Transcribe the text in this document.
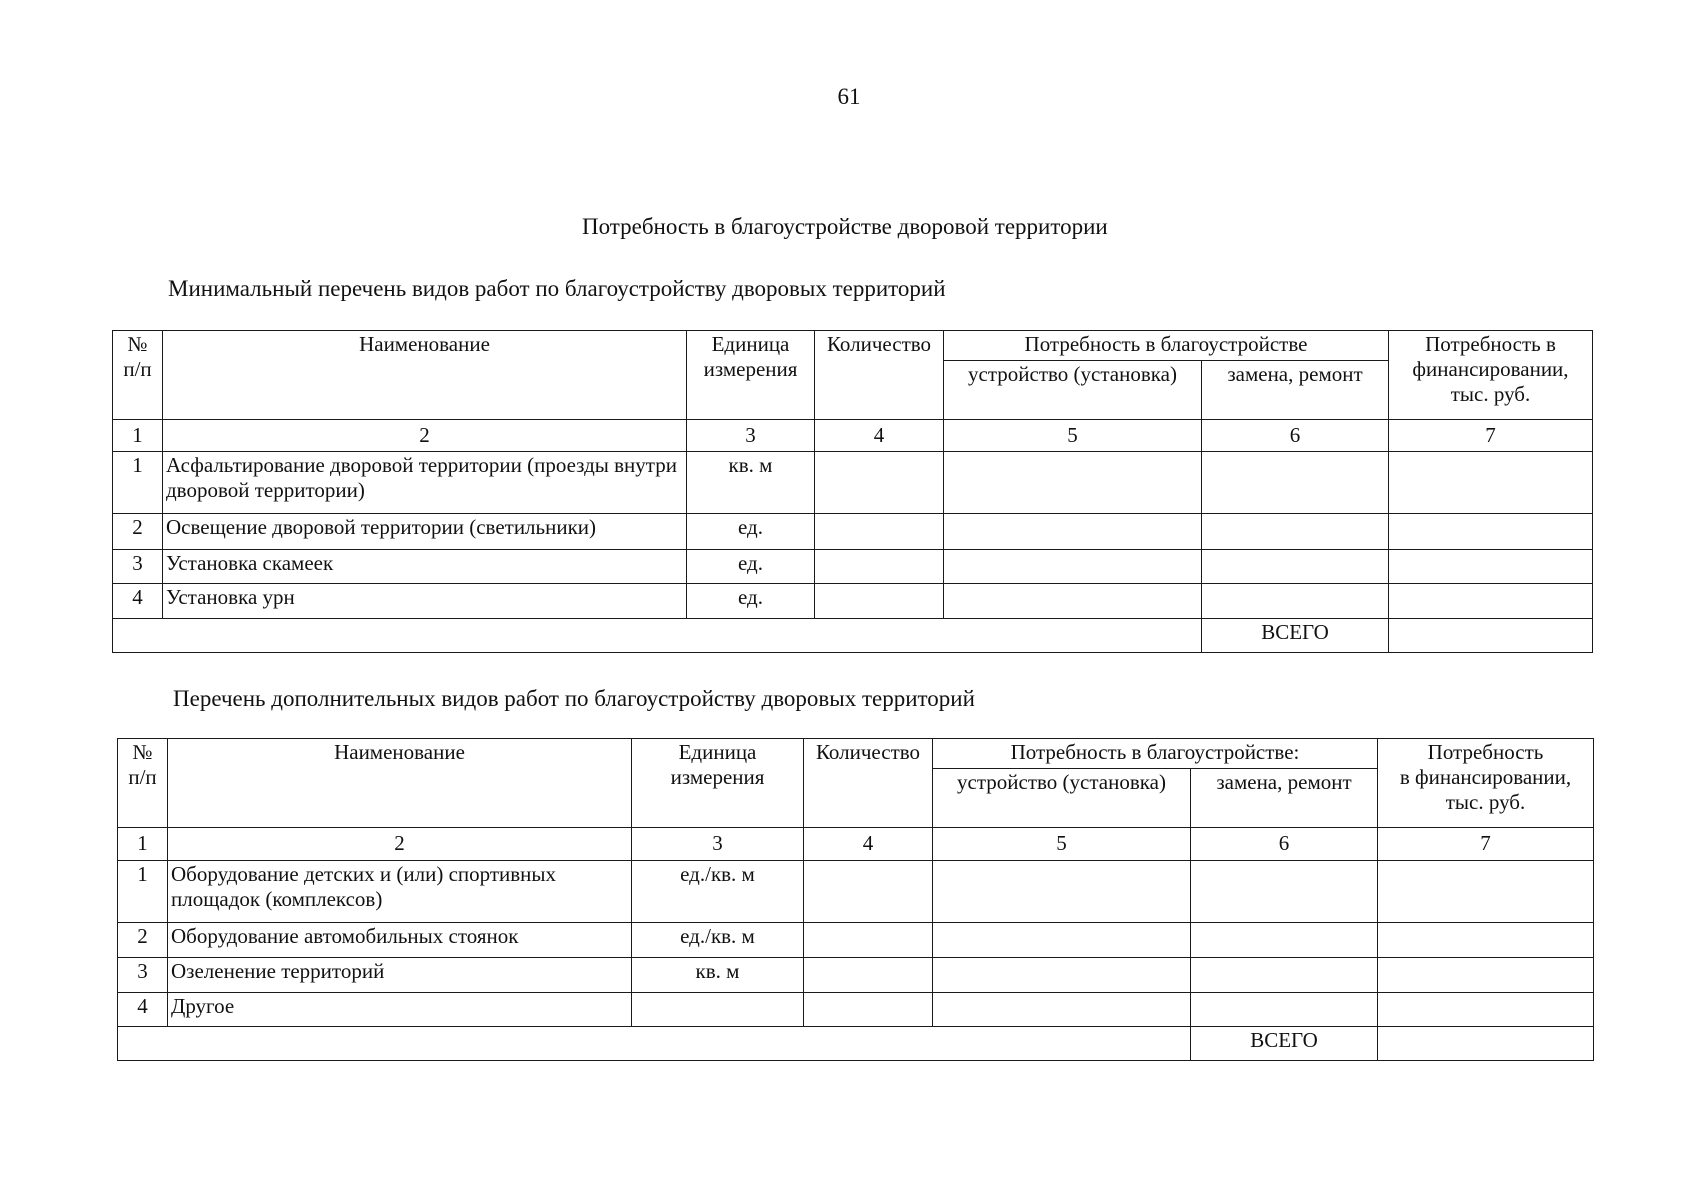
61
Потребность в благоустройстве дворовой территории
Минимальный перечень видов работ по благоустройству дворовых территорий
№
п/п	Наименование	Единица
измерения	Количество	Потребность в благоустройстве		Потребность в
финансировании,
тыс. руб.
				устройство (установка)	замена, ремонт	
1	2	3	4	5	6	7
1	Асфальтирование дворовой территории (проезды внутри дворовой территории)	кв. м				
2	Освещение дворовой территории (светильники)	ед.				
3	Установка скамеек	ед.				
4	Установка урн	ед.				
					ВСЕГО	
Перечень дополнительных видов работ по благоустройству дворовых территорий
№
п/п	Наименование	Единица
измерения	Количество	Потребность в благоустройстве:		Потребность
в финансировании,
тыс. руб.
				устройство (установка)	замена, ремонт	
1	2	3	4	5	6	7
1	Оборудование детских и (или) спортивных площадок (комплексов)	ед./кв. м				
2	Оборудование автомобильных стоянок	ед./кв. м				
3	Озеленение территорий	кв. м				
4	Другое					
					ВСЕГО	
